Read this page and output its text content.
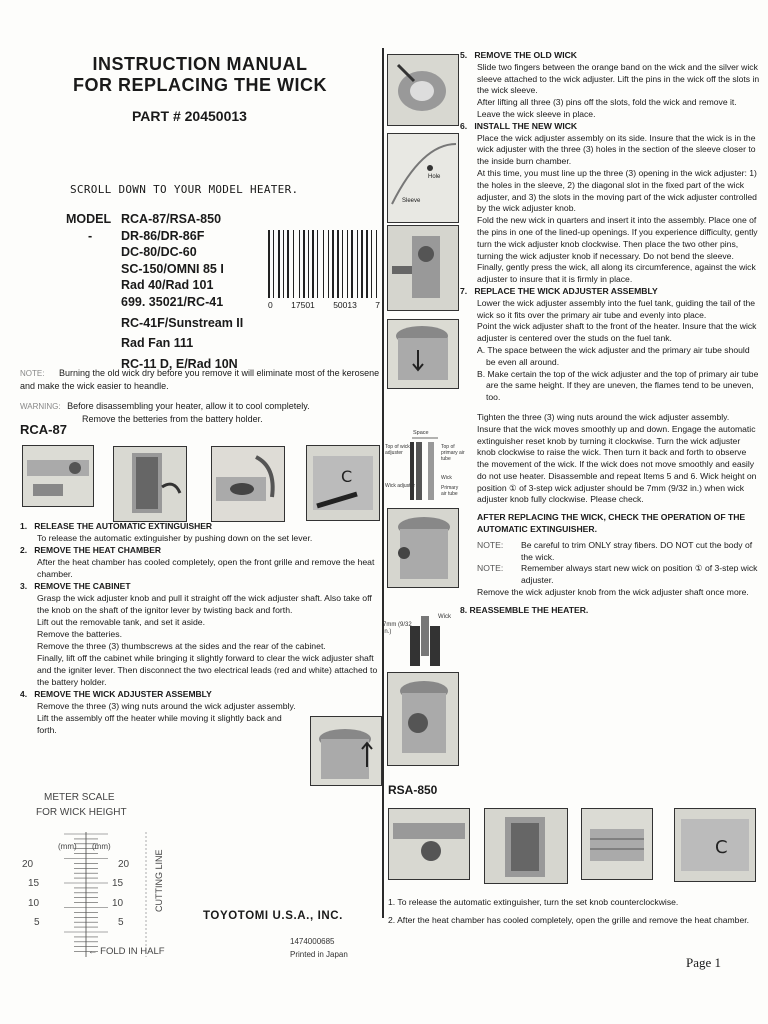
INSTRUCTION MANUAL
FOR REPLACING THE WICK
PART # 20450013
SCROLL DOWN TO YOUR MODEL HEATER.
MODEL RCA-87/RSA-850
-	DR-86/DR-86F
DC-80/DC-60
SC-150/OMNI 85 I
Rad 40/Rad 101
699. 35021/RC-41
RC-41F/Sunstream II
Rad Fan 111
RC-11 D, E/Rad 10N
0 17501 50013 7
NOTE: Burning the old wick dry before you remove it will eliminate most of the kerosene and make the wick easier to heandle.
WARNING: Before disassembling your heater, allow it to cool completely.
Remove the betteries from the battery holder.
RCA-87
C
1. RELEASE THE AUTOMATIC EXTINGUISHER
To release the automatic extinguisher by pushing down on the set lever.
2. REMOVE THE HEAT CHAMBER
After the heat chamber has cooled completely, open the front grille and remove the heat chamber.
3. REMOVE THE CABINET
Grasp the wick adjuster knob and pull it straight off the wick adjuster shaft. Also take off the knob on the shaft of the ignitor lever by twisting back and forth.
Lift out the removable tank, and set it aside.
Remove the batteries.
Remove the three (3) thumbscrews at the sides and the rear of the cabinet.
Finally, lift off the cabinet while bringing it slightly forward to clear the wick adjuster shaft and the igniter lever. Then disconnect the two electrical leads (red and white) attached to the battery holder.
4. REMOVE THE WICK ADJUSTER ASSEMBLY
Remove the three (3) wing nuts around the wick adjuster assembly. Lift the assembly off the heater while moving it slightly back and forth.
METER SCALE
FOR WICK HEIGHT
(mm) (mm)
20	20
15	15
10	10
5	5
CUTTING LINE
← FOLD IN HALF
TOYOTOMI U.S.A., INC.
1474000685
Printed in Japan
Hole
Sleeve
Space
Top of wick adjuster
Top of primary air tube
Wick
Wick adjuster	Primary air tube
7mm (9/32 in.)
Wick
5. REMOVE THE OLD WICK
Slide two fingers between the orange band on the wick and the silver wick sleeve attached to the wick adjuster. Lift the pins in the wick off the slots in the wick sleeve.
After lifting all three (3) pins off the slots, fold the wick and remove it. Leave the wick sleeve in place.
6. INSTALL THE NEW WICK
Place the wick adjuster assembly on its side. Insure that the wick is in the wick adjuster with the three (3) holes in the section of the sleeve closer to the inside burn chamber.
At this time, you must line up the three (3) opening in the wick adjuster: 1) the holes in the sleeve, 2) the diagonal slot in the fixed part of the wick adjuster, and 3) the slots in the moving part of the wick adjuster controlled by the wick adjuster knob.
Fold the new wick in quarters and insert it into the assembly. Place one of the pins in one of the lined-up openings. If you experience difficulty, gently turn the wick adjuster knob clockwise. Then place the two other pins, turning the wick adjuster knob if necessary. Do not bend the sleeve.
Finally, gently press the wick, all along its circumference, against the wick adjuster to insure that it is firmly in place.
7. REPLACE THE WICK ADJUSTER ASSEMBLY
Lower the wick adjuster assembly into the fuel tank, guiding the tail of the wick so it fits over the primary air tube and evenly into place.
Point the wick adjuster shaft to the front of the heater. Insure that the wick adjuster is centered over the studs on the fuel tank.
A. The space between the wick adjuster and the primary air tube should be even all around.
B. Make certain the top of the wick adjuster and the top of primary air tube are the same height. If they are uneven, the flames tend to be uneven, too.
Tighten the three (3) wing nuts around the wick adjuster assembly.
Insure that the wick moves smoothly up and down. Engage the automatic extinguisher reset knob by turning it clockwise. Turn the wick adjuster knob clockwise to raise the wick. Then turn it back and forth to observe the movement of the wick. If the wick does not move smoothly and easily do not use heater. Disassemble and repeat Items 5 and 6. Wick height on position ① of 3-step wick adjuster should be 7mm (9/32 in.) when wick adjuster knob fully clockwise. Please check.
AFTER REPLACING THE WICK, CHECK THE OPERATION OF THE AUTOMATIC EXTINGUISHER.
NOTE:	Be careful to trim ONLY stray fibers. DO NOT cut the body of the wick.
NOTE:	Remember always start new wick on position ① of 3-step wick adjuster.
Remove the wick adjuster knob from the wick adjuster shaft once more.
8. REASSEMBLE THE HEATER.
RSA-850
C
1. To release the automatic extinguisher, turn the set knob counterclockwise.
2. After the heat chamber has cooled completely, open the grille and remove the heat chamber.
Page 1
